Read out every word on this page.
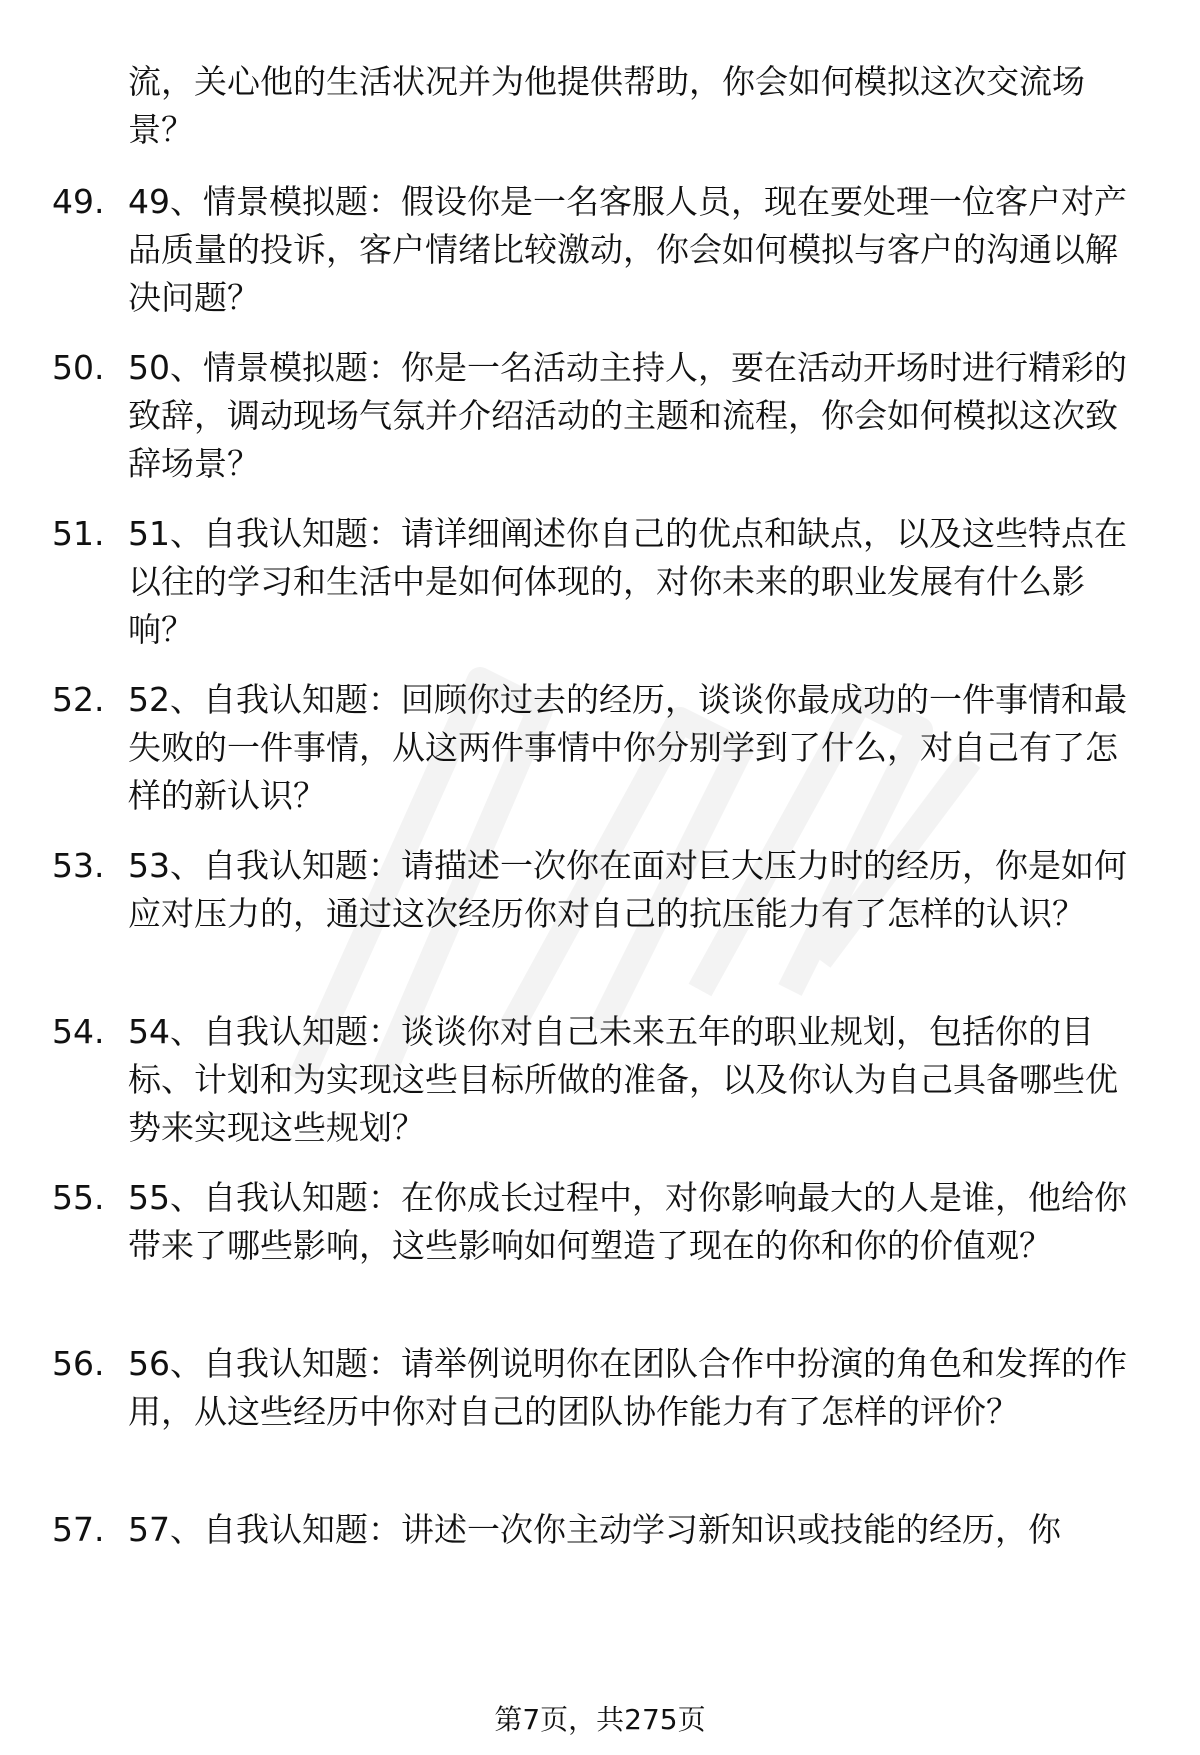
流，关心他的生活状况并为他提供帮助，你会如何模拟这次交流场景？
49. 49、情景模拟题：假设你是一名客服人员，现在要处理一位客户对产品质量的投诉，客户情绪比较激动，你会如何模拟与客户的沟通以解决问题？
50. 50、情景模拟题：你是一名活动主持人，要在活动开场时进行精彩的致辞，调动现场气氛并介绍活动的主题和流程，你会如何模拟这次致辞场景？
51. 51、自我认知题：请详细阐述你自己的优点和缺点，以及这些特点在以往的学习和生活中是如何体现的，对你未来的职业发展有什么影响？
52. 52、自我认知题：回顾你过去的经历，谈谈你最成功的一件事情和最失败的一件事情，从这两件事情中你分别学到了什么，对自己有了怎样的新认识？
53. 53、自我认知题：请描述一次你在面对巨大压力时的经历，你是如何应对压力的，通过这次经历你对自己的抗压能力有了怎样的认识？
54. 54、自我认知题：谈谈你对自己未来五年的职业规划，包括你的目标、计划和为实现这些目标所做的准备，以及你认为自己具备哪些优势来实现这些规划？
55. 55、自我认知题：在你成长过程中，对你影响最大的人是谁，他给你带来了哪些影响，这些影响如何塑造了现在的你和你的价值观？
56. 56、自我认知题：请举例说明你在团队合作中扮演的角色和发挥的作用，从这些经历中你对自己的团队协作能力有了怎样的评价？
57. 57、自我认知题：讲述一次你主动学习新知识或技能的经历，你
第7页，共275页
